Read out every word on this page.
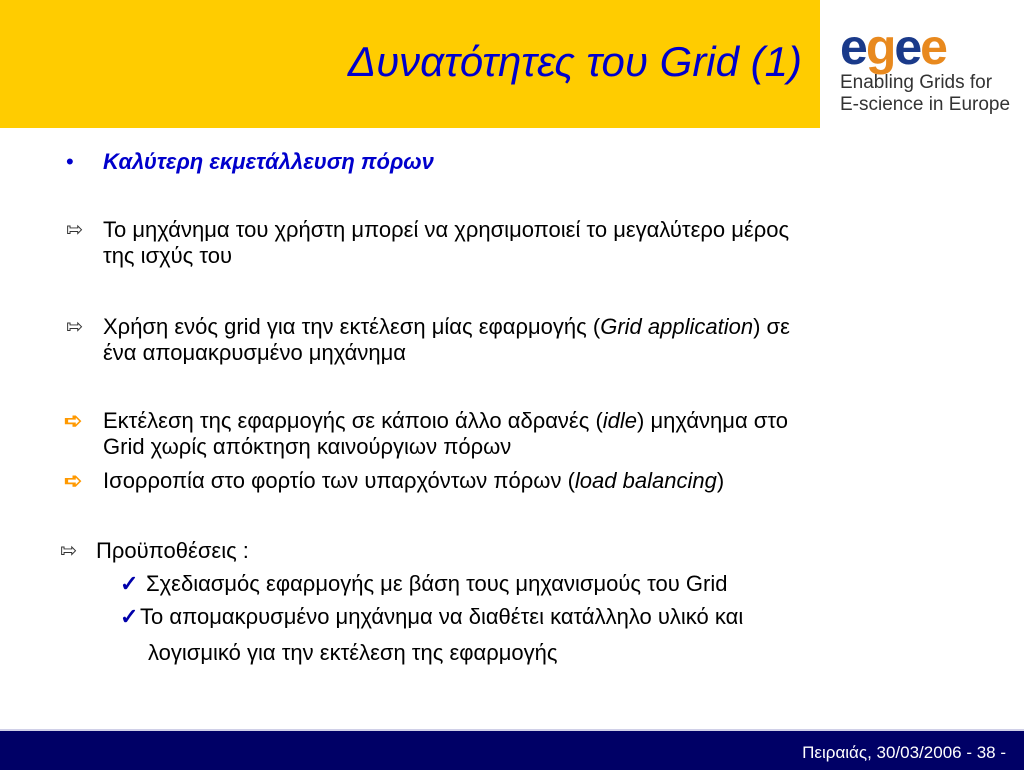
Δυνατότητες του Grid (1) egee
Enabling Grids for
E-science in Europe
• Καλύτερη εκμετάλλευση πόρων
⇰ Το μηχάνημα του χρήστη μπορεί να χρησιμοποιεί το μεγαλύτερο μέρος
της ισχύς του
⇰ Χρήση ενός grid για την εκτέλεση μίας εφαρμογής (Grid application) σε
ένα απομακρυσμένο μηχάνημα
➪ Εκτέλεση της εφαρμογής σε κάποιο άλλο αδρανές (idle) μηχάνημα στο
Grid χωρίς απόκτηση καινούργιων πόρων
➪ Ισορροπία στο φορτίο των υπαρχόντων πόρων (load balancing)
⇰ Προϋποθέσεις :
✓ Σχεδιασμός εφαρμογής με βάση τους μηχανισμούς του Grid
✓ Το απομακρυσμένο μηχάνημα να διαθέτει κατάλληλο υλικό και
λογισμικό για την εκτέλεση της εφαρμογής
Πειραιάς, 30/03/2006 - 38 -
